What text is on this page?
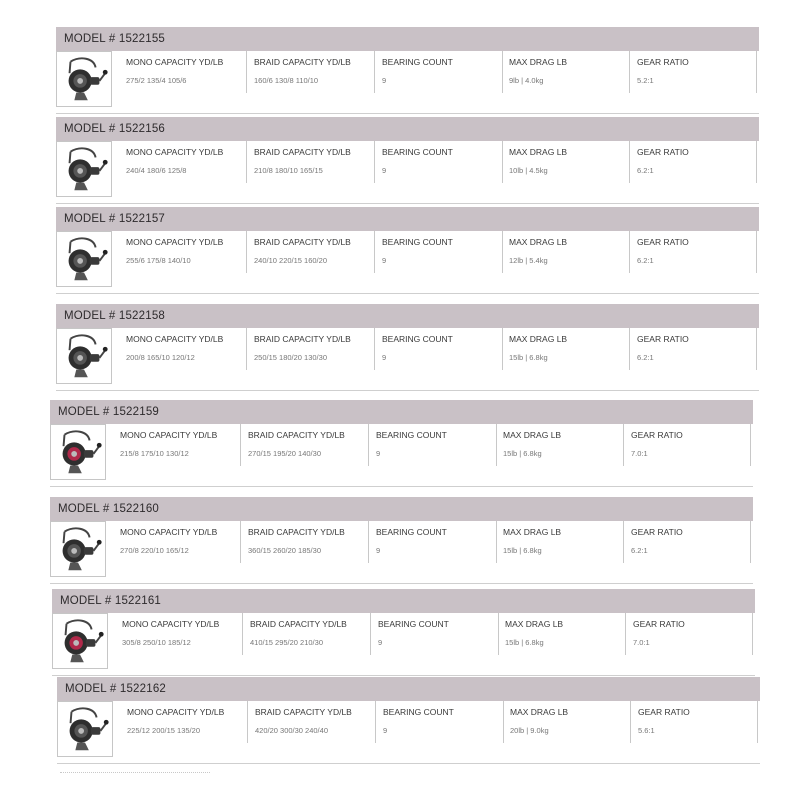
MODEL # 1522155
MONO CAPACITY YD/LB
275/2 135/4 105/6
BRAID CAPACITY YD/LB
160/6 130/8 110/10
BEARING COUNT
9
MAX DRAG LB
9lb | 4.0kg
GEAR RATIO
5.2:1
MODEL # 1522156
MONO CAPACITY YD/LB
240/4 180/6 125/8
BRAID CAPACITY YD/LB
210/8 180/10 165/15
BEARING COUNT
9
MAX DRAG LB
10lb | 4.5kg
GEAR RATIO
6.2:1
MODEL # 1522157
MONO CAPACITY YD/LB
255/6 175/8 140/10
BRAID CAPACITY YD/LB
240/10 220/15 160/20
BEARING COUNT
9
MAX DRAG LB
12lb | 5.4kg
GEAR RATIO
6.2:1
MODEL # 1522158
MONO CAPACITY YD/LB
200/8 165/10 120/12
BRAID CAPACITY YD/LB
250/15 180/20 130/30
BEARING COUNT
9
MAX DRAG LB
15lb | 6.8kg
GEAR RATIO
6.2:1
MODEL # 1522159
MONO CAPACITY YD/LB
215/8 175/10 130/12
BRAID CAPACITY YD/LB
270/15 195/20 140/30
BEARING COUNT
9
MAX DRAG LB
15lb | 6.8kg
GEAR RATIO
7.0:1
MODEL # 1522160
MONO CAPACITY YD/LB
270/8 220/10 165/12
BRAID CAPACITY YD/LB
360/15 260/20 185/30
BEARING COUNT
9
MAX DRAG LB
15lb | 6.8kg
GEAR RATIO
6.2:1
MODEL # 1522161
MONO CAPACITY YD/LB
305/8 250/10 185/12
BRAID CAPACITY YD/LB
410/15 295/20 210/30
BEARING COUNT
9
MAX DRAG LB
15lb | 6.8kg
GEAR RATIO
7.0:1
MODEL # 1522162
MONO CAPACITY YD/LB
225/12 200/15 135/20
BRAID CAPACITY YD/LB
420/20 300/30 240/40
BEARING COUNT
9
MAX DRAG LB
20lb | 9.0kg
GEAR RATIO
5.6:1
